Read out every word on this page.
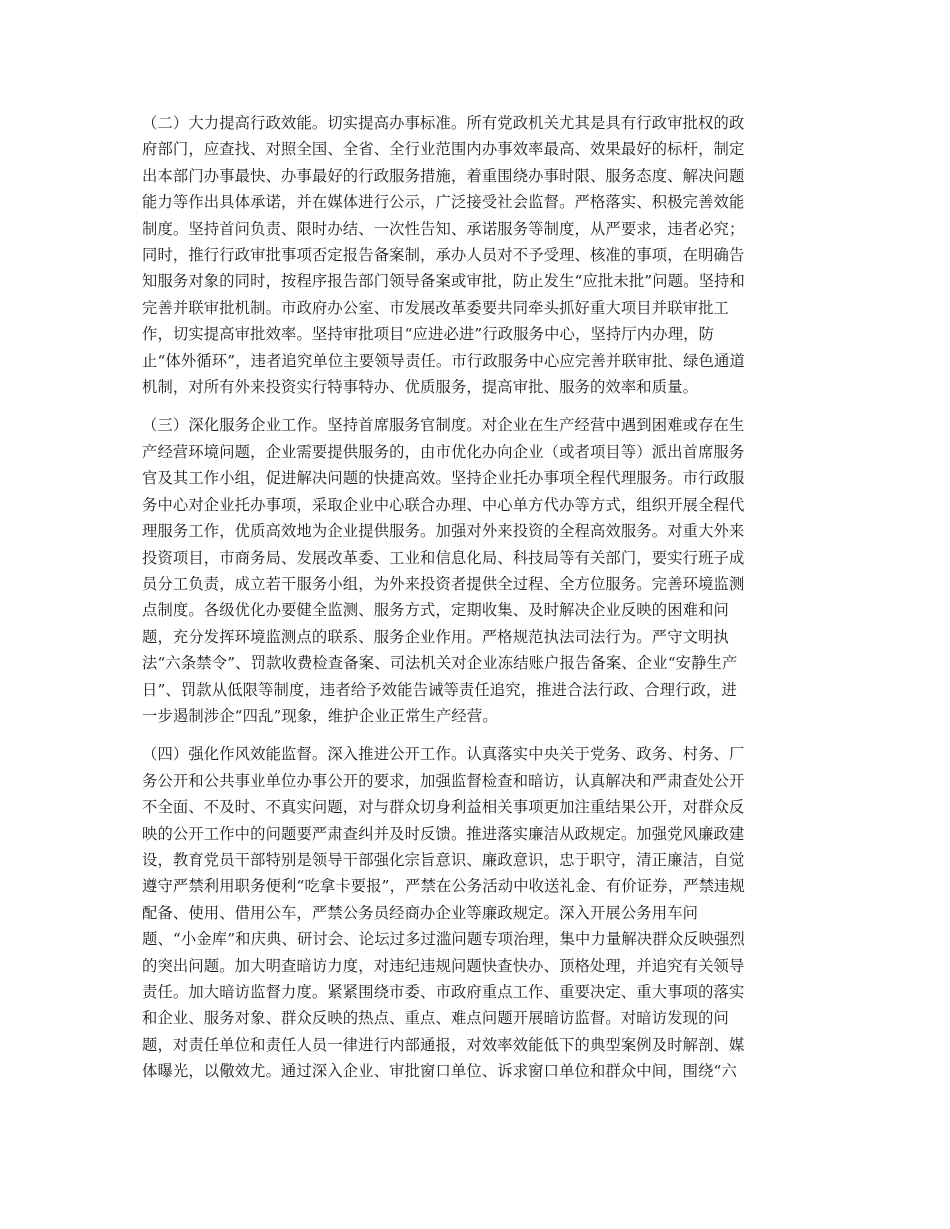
（二）大力提高行政效能。切实提高办事标准。所有党政机关尤其是具有行政审批权的政
府部门，应查找、对照全国、全省、全行业范围内办事效率最高、效果最好的标杆，制定
出本部门办事最快、办事最好的行政服务措施，着重围绕办事时限、服务态度、解决问题
能力等作出具体承诺，并在媒体进行公示，广泛接受社会监督。严格落实、积极完善效能
制度。坚持首问负责、限时办结、一次性告知、承诺服务等制度，从严要求，违者必究；
同时，推行行政审批事项否定报告备案制，承办人员对不予受理、核准的事项，在明确告
知服务对象的同时，按程序报告部门领导备案或审批，防止发生“应批未批”问题。坚持和
完善并联审批机制。市政府办公室、市发展改革委要共同牵头抓好重大项目并联审批工
作，切实提高审批效率。坚持审批项目“应进必进”行政服务中心，坚持厅内办理，防
止“体外循环”，违者追究单位主要领导责任。市行政服务中心应完善并联审批、绿色通道
机制，对所有外来投资实行特事特办、优质服务，提高审批、服务的效率和质量。

（三）深化服务企业工作。坚持首席服务官制度。对企业在生产经营中遇到困难或存在生
产经营环境问题，企业需要提供服务的，由市优化办向企业（或者项目等）派出首席服务
官及其工作小组，促进解决问题的快捷高效。坚持企业托办事项全程代理服务。市行政服
务中心对企业托办事项，采取企业中心联合办理、中心单方代办等方式，组织开展全程代
理服务工作，优质高效地为企业提供服务。加强对外来投资的全程高效服务。对重大外来
投资项目，市商务局、发展改革委、工业和信息化局、科技局等有关部门，要实行班子成
员分工负责，成立若干服务小组，为外来投资者提供全过程、全方位服务。完善环境监测
点制度。各级优化办要健全监测、服务方式，定期收集、及时解决企业反映的困难和问
题，充分发挥环境监测点的联系、服务企业作用。严格规范执法司法行为。严守文明执
法“六条禁令”、罚款收费检查备案、司法机关对企业冻结账户报告备案、企业“安静生产
日”、罚款从低限等制度，违者给予效能告诫等责任追究，推进合法行政、合理行政，进
一步遏制涉企“四乱”现象，维护企业正常生产经营。

（四）强化作风效能监督。深入推进公开工作。认真落实中央关于党务、政务、村务、厂
务公开和公共事业单位办事公开的要求，加强监督检查和暗访，认真解决和严肃查处公开
不全面、不及时、不真实问题，对与群众切身利益相关事项更加注重结果公开，对群众反
映的公开工作中的问题要严肃查纠并及时反馈。推进落实廉洁从政规定。加强党风廉政建
设，教育党员干部特别是领导干部强化宗旨意识、廉政意识，忠于职守，清正廉洁，自觉
遵守严禁利用职务便利“吃拿卡要报”，严禁在公务活动中收送礼金、有价证券，严禁违规
配备、使用、借用公车，严禁公务员经商办企业等廉政规定。深入开展公务用车问
题、“小金库”和庆典、研讨会、论坛过多过滥问题专项治理，集中力量解决群众反映强烈
的突出问题。加大明查暗访力度，对违纪违规问题快查快办、顶格处理，并追究有关领导
责任。加大暗访监督力度。紧紧围绕市委、市政府重点工作、重要决定、重大事项的落实
和企业、服务对象、群众反映的热点、重点、难点问题开展暗访监督。对暗访发现的问
题，对责任单位和责任人员一律进行内部通报，对效率效能低下的典型案例及时解剖、媒
体曝光，以儆效尤。通过深入企业、审批窗口单位、诉求窗口单位和群众中间，围绕“六
